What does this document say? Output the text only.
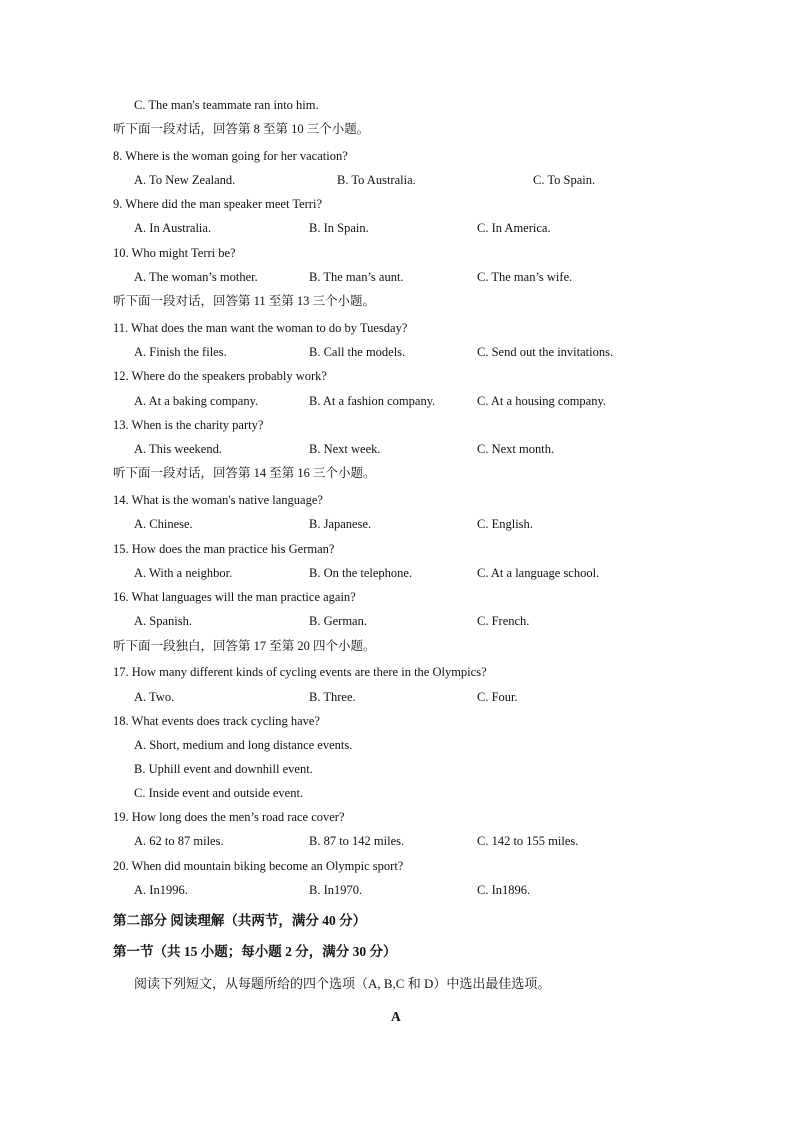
C. The man's teammate ran into him.
听下面一段对话，回答第 8 至第 10 三个小题。
8. Where is the woman going for her vacation?
A. To New Zealand.	B. To Australia.	C. To Spain.
9. Where did the man speaker meet Terri?
A. In Australia.	B. In Spain.	C. In America.
10. Who might Terri be?
A. The woman’s mother.	B. The man’s aunt.	C. The man’s wife.
听下面一段对话，回答第 11 至第 13 三个小题。
11. What does the man want the woman to do by Tuesday?
A. Finish the files.	B. Call the models.	C. Send out the invitations.
12. Where do the speakers probably work?
A. At a baking company.	B. At a fashion company.	C. At a housing company.
13. When is the charity party?
A. This weekend.	B. Next week.	C. Next month.
听下面一段对话，回答第 14 至第 16 三个小题。
14. What is the woman's native language?
A. Chinese.	B. Japanese.	C. English.
15. How does the man practice his German?
A. With a neighbor.	B. On the telephone.	C. At a language school.
16. What languages will the man practice again?
A. Spanish.	B. German.	C. French.
听下面一段独白，回答第 17 至第 20 四个小题。
17. How many different kinds of cycling events are there in the Olympics?
A. Two.	B. Three.	C. Four.
18. What events does track cycling have?
A. Short, medium and long distance events.
B. Uphill event and downhill event.
C. Inside event and outside event.
19. How long does the men’s road race cover?
A. 62 to 87 miles.	B. 87 to 142 miles.	C. 142 to 155 miles.
20. When did mountain biking become an Olympic sport?
A. In1996.	B. In1970.	C. In1896.
第二部分 阅读理解（共两节，满分 40 分）
第一节（共 15 小题；每小题 2 分，满分 30 分）
阅读下列短文，从每题所给的四个选项（A, B,C 和 D）中选出最佳选项。
A
